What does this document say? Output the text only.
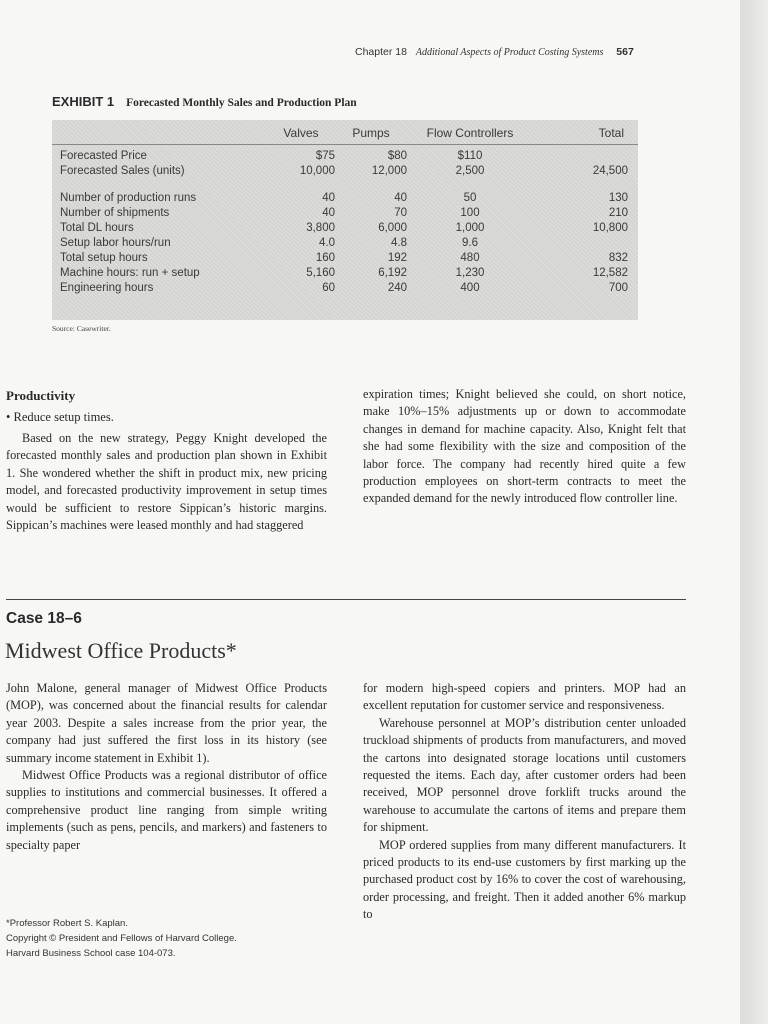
Chapter 18 Additional Aspects of Product Costing Systems 567
EXHIBIT 1 Forecasted Monthly Sales and Production Plan
	Valves	Pumps	Flow Controllers	Total
Forecasted Price	$75	$80	$110	
Forecasted Sales (units)	10,000	12,000	2,500	24,500

Number of production runs	40	40	50	130
Number of shipments	40	70	100	210
Total DL hours	3,800	6,000	1,000	10,800
Setup labor hours/run	4.0	4.8	9.6	
Total setup hours	160	192	480	832
Machine hours: run + setup	5,160	6,192	1,230	12,582
Engineering hours	60	240	400	700
Source: Casewriter.
Productivity
• Reduce setup times.
Based on the new strategy, Peggy Knight developed the forecasted monthly sales and production plan shown in Exhibit 1. She wondered whether the shift in product mix, new pricing model, and forecasted productivity improvement in setup times would be sufficient to restore Sippican’s historic margins. Sippican’s machines were leased monthly and had staggered
expiration times; Knight believed she could, on short notice, make 10%–15% adjustments up or down to accommodate changes in demand for machine capacity. Also, Knight felt that she had some flexibility with the size and composition of the labor force. The company had recently hired quite a few production employees on short-term contracts to meet the expanded demand for the newly introduced flow controller line.
Case 18–6
Midwest Office Products*

John Malone, general manager of Midwest Office Products (MOP), was concerned about the financial results for calendar year 2003. Despite a sales increase from the prior year, the company had just suffered the first loss in its history (see summary income statement in Exhibit 1).

Midwest Office Products was a regional distributor of office supplies to institutions and commercial businesses. It offered a comprehensive product line ranging from simple writing implements (such as pens, pencils, and markers) and fasteners to specialty paper

for modern high-speed copiers and printers. MOP had an excellent reputation for customer service and responsiveness.

Warehouse personnel at MOP’s distribution center unloaded truckload shipments of products from manufacturers, and moved the cartons into designated storage locations until customers requested the items. Each day, after customer orders had been received, MOP personnel drove forklift trucks around the warehouse to accumulate the cartons of items and prepare them for shipment.

MOP ordered supplies from many different manufacturers. It priced products to its end-use customers by first marking up the purchased product cost by 16% to cover the cost of warehousing, order processing, and freight. Then it added another 6% markup to

*Professor Robert S. Kaplan.
Copyright © President and Fellows of Harvard College.
Harvard Business School case 104-073.
